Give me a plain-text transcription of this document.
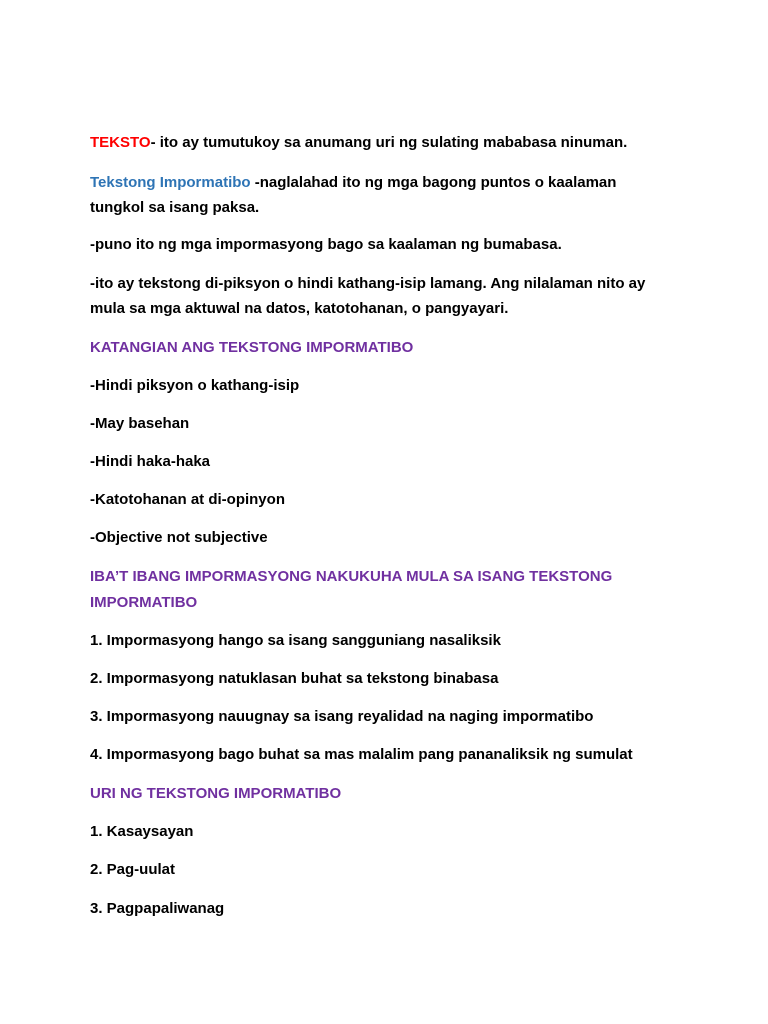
TEKSTO- ito ay tumutukoy sa anumang uri ng sulating mababasa ninuman.

Tekstong Impormatibo -naglalahad ito ng mga bagong puntos o kaalaman

tungkol sa isang paksa.

-puno ito ng mga impormasyong bago sa kaalaman ng bumabasa.

-ito ay tekstong di-piksyon o hindi kathang-isip lamang. Ang nilalaman nito ay

mula sa mga aktuwal na datos, katotohanan, o pangyayari.

KATANGIAN ANG TEKSTONG IMPORMATIBO

-Hindi piksyon o kathang-isip

-May basehan

-Hindi haka-haka

-Katotohanan at di-opinyon

-Objective not subjective

IBA’T IBANG IMPORMASYONG NAKUKUHA MULA SA ISANG TEKSTONG

IMPORMATIBO

1. Impormasyong hango sa isang sangguniang nasaliksik

2. Impormasyong natuklasan buhat sa tekstong binabasa

3. Impormasyong nauugnay sa isang reyalidad na naging impormatibo

4. Impormasyong bago buhat sa mas malalim pang pananaliksik ng sumulat

URI NG TEKSTONG IMPORMATIBO

1. Kasaysayan

2. Pag-uulat

3. Pagpapaliwanag
